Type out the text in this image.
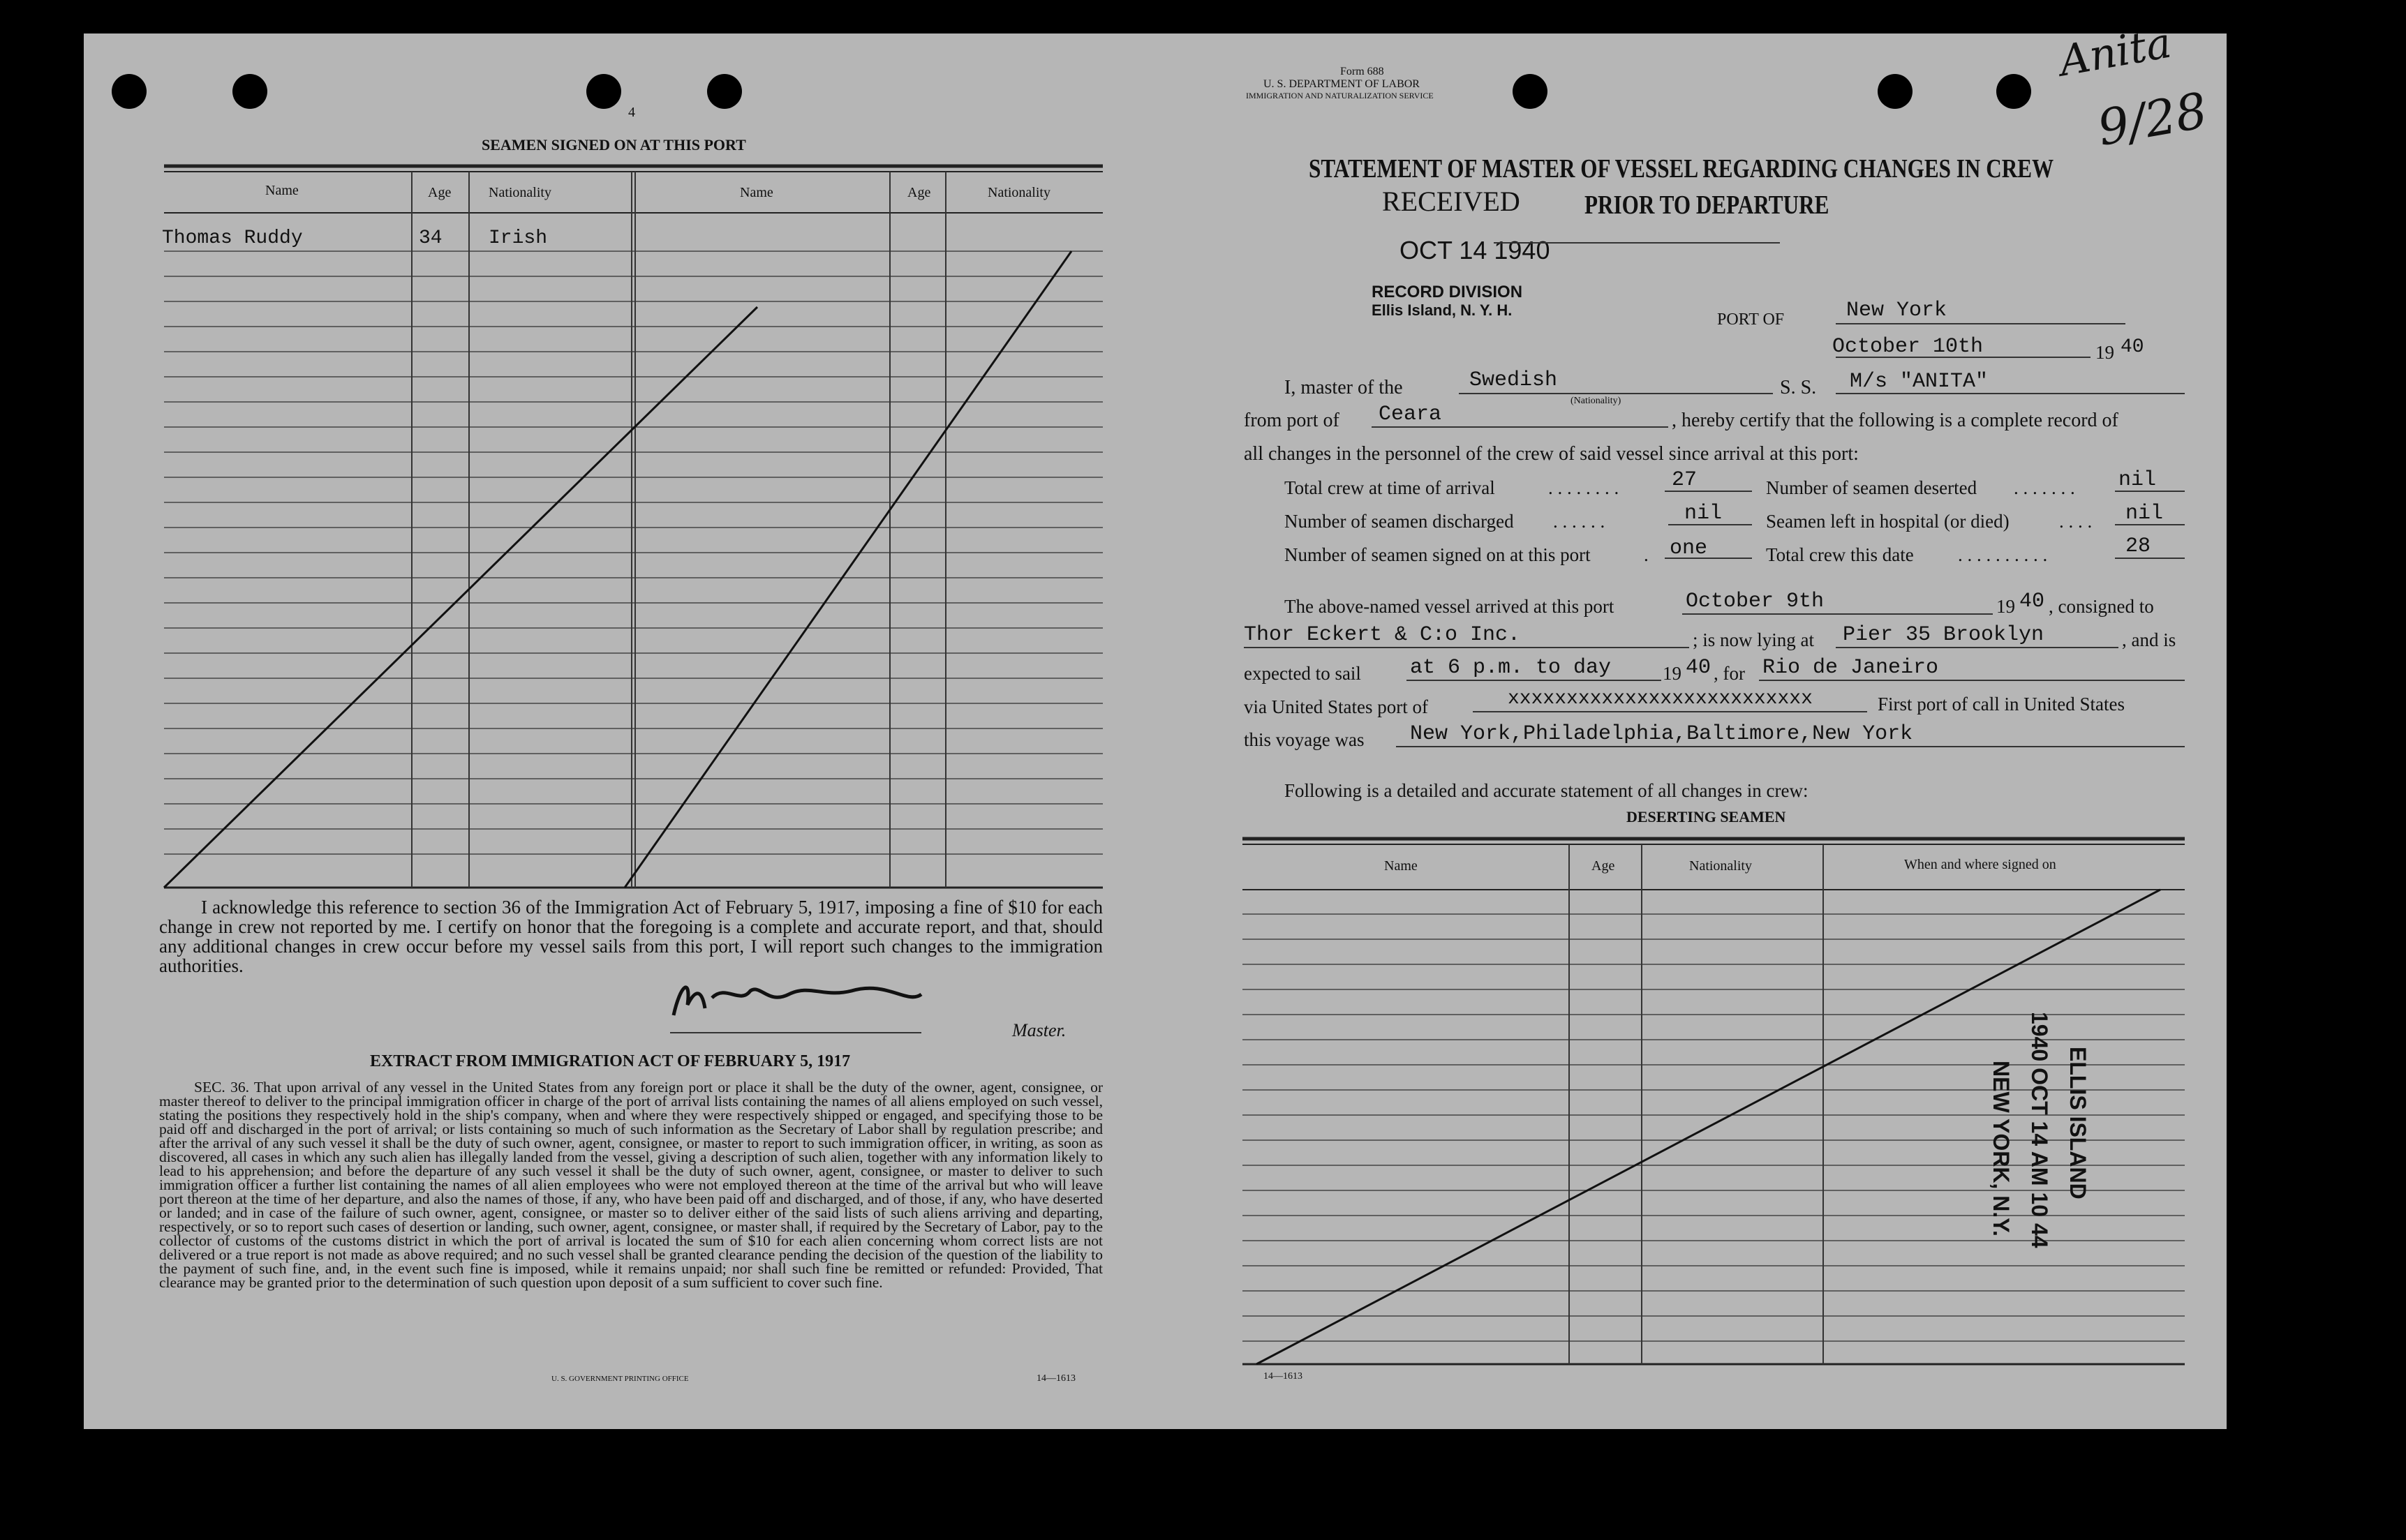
4
SEAMEN SIGNED ON AT THIS PORT
Name	Age	Nationality	Name	Age	Nationality
Thomas Ruddy	34 Irish
I acknowledge this reference to section 36 of the Immigration Act of February 5, 1917, imposing a fine of $10 for each change in crew not reported by me. I certify on honor that the foregoing is a complete and accurate report, and that, should any additional changes in crew occur before my vessel sails from this port, I will report such changes to the immigration authorities.
Master.
EXTRACT FROM IMMIGRATION ACT OF FEBRUARY 5, 1917
SEC. 36. That upon arrival of any vessel in the United States from any foreign port or place it shall be the duty of the owner, agent, consignee, or master thereof to deliver to the principal immigration officer in charge of the port of arrival lists containing the names of all aliens employed on such vessel, stating the positions they respectively hold in the ship's company, when and where they were respectively shipped or engaged, and specifying those to be paid off and discharged in the port of arrival; or lists containing so much of such information as the Secretary of Labor shall by regulation prescribe; and after the arrival of any such vessel it shall be the duty of such owner, agent, consignee, or master to report to such immigration officer, in writing, as soon as discovered, all cases in which any such alien has illegally landed from the vessel, giving a description of such alien, together with any information likely to lead to his apprehension; and before the departure of any such vessel it shall be the duty of such owner, agent, consignee, or master to deliver to such immigration officer a further list containing the names of all alien employees who were not employed thereon at the time of the arrival but who will leave port thereon at the time of her departure, and also the names of those, if any, who have been paid off and discharged, and of those, if any, who have deserted or landed; and in case of the failure of such owner, agent, consignee, or master so to deliver either of the said lists of such aliens arriving and departing, respectively, or so to report such cases of desertion or landing, such owner, agent, consignee, or master shall, if required by the Secretary of Labor, pay to the collector of customs of the customs district in which the port of arrival is located the sum of $10 for each alien concerning whom correct lists are not delivered or a true report is not made as above required; and no such vessel shall be granted clearance pending the decision of the question of the liability to the payment of such fine, and, in the event such fine is imposed, while it remains unpaid; nor shall such fine be remitted or refunded: Provided, That clearance may be granted prior to the determination of such question upon deposit of a sum sufficient to cover such fine.
U. S. GOVERNMENT PRINTING OFFICE	14—1613
Form 688
U. S. DEPARTMENT OF LABOR
IMMIGRATION AND NATURALIZATION SERVICE
STATEMENT OF MASTER OF VESSEL REGARDING CHANGES IN CREW
PRIOR TO DEPARTURE
RECEIVED
OCT 14 1940
RECORD DIVISION
Ellis Island, N. Y. H.
Anita
9/28
PORT OF	New York
October 10th	19 40
I, master of the	Swedish
(Nationality)
S. S. M/s "ANITA"
from port of Ceara	, hereby certify that the following is a complete record of
all changes in the personnel of the crew of said vessel since arrival at this port:
Total crew at time of arrival	. . . . . . . .	27	Number of seamen deserted . . . . . . . nil
Number of seamen discharged . . . . . .	nil Seamen left in hospital (or died)	. . . . nil
Number of seamen signed on at this port	. one	Total crew this date . . . . . . . . . .	28
The above-named vessel arrived at this port	October 9th	19 40 , consigned to
Thor Eckert & C:o Inc.	; is now lying at Pier 35 Brooklyn	, and is
expected to sail at 6 p.m. to day	19 40 , for Rio de Janeiro
via United States port of	xxxxxxxxxxxxxxxxxxxxxxxxxx	First port of call in United States
this voyage was New York,Philadelphia,Baltimore,New York
Following is a detailed and accurate statement of all changes in crew:
DESERTING SEAMEN
Name	Age	Nationality	When and where signed on
ELLIS ISLAND
1940 OCT 14 AM 10 44
NEW YORK, N.Y.
14—1613
